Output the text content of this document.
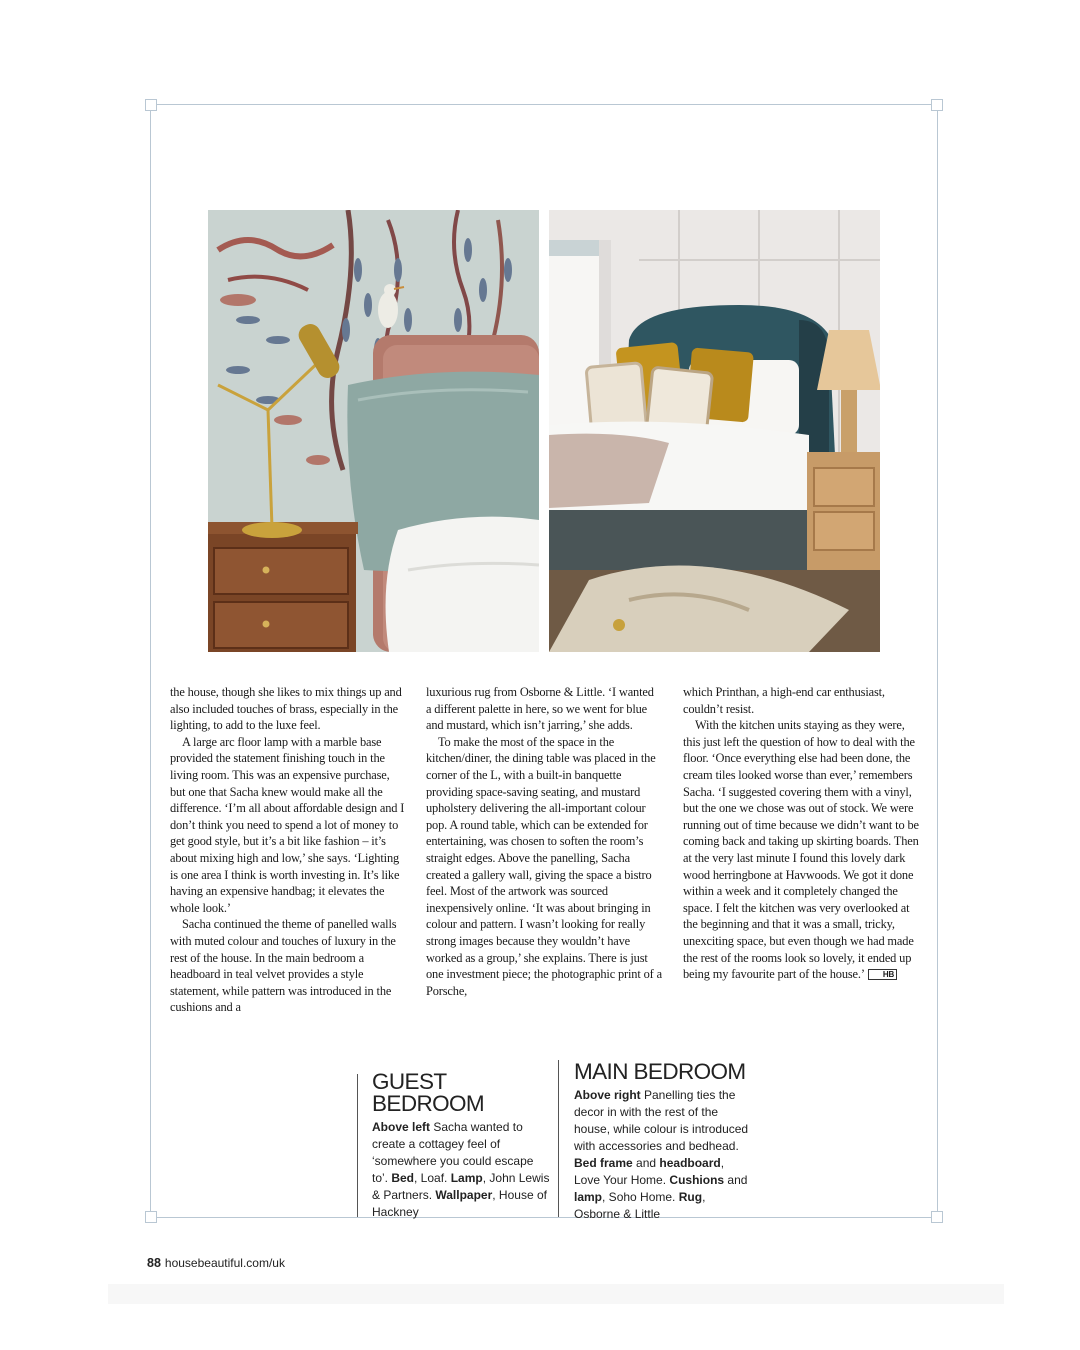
the house, though she likes to mix things up and also included touches of brass, especially in the lighting, to add to the luxe feel.

A large arc floor lamp with a marble base provided the statement finishing touch in the living room. This was an expensive purchase, but one that Sacha knew would make all the difference. ‘I’m all about affordable design and I don’t think you need to spend a lot of money to get good style, but it’s a bit like fashion – it’s about mixing high and low,’ she says. ‘Lighting is one area I think is worth investing in. It’s like having an expensive handbag; it elevates the whole look.’

Sacha continued the theme of panelled walls with muted colour and touches of luxury in the rest of the house. In the main bedroom a headboard in teal velvet provides a style statement, while pattern was introduced in the cushions and a

luxurious rug from Osborne & Little. ‘I wanted a different palette in here, so we went for blue and mustard, which isn’t jarring,’ she adds.

To make the most of the space in the kitchen/diner, the dining table was placed in the corner of the L, with a built-in banquette providing space-saving seating, and mustard upholstery delivering the all-important colour pop. A round table, which can be extended for entertaining, was chosen to soften the room’s straight edges. Above the panelling, Sacha created a gallery wall, giving the space a bistro feel. Most of the artwork was sourced inexpensively online. ‘It was about bringing in colour and pattern. I wasn’t looking for really strong images because they wouldn’t have worked as a group,’ she explains. There is just one investment piece; the photographic print of a Porsche,

which Printhan, a high-end car enthusiast, couldn’t resist.

With the kitchen units staying as they were, this just left the question of how to deal with the floor. ‘Once everything else had been done, the cream tiles looked worse than ever,’ remembers Sacha. ‘I suggested covering them with a vinyl, but the one we chose was out of stock. We were running out of time because we didn’t want to be coming back and taking up skirting boards. Then at the very last minute I found this lovely dark wood herringbone at Havwoods. We got it done within a week and it completely changed the space. I felt the kitchen was very overlooked at the beginning and that it was a small, tricky, unexciting space, but even though we had made the rest of the rooms look so lovely, it ended up being my favourite part of the house.’ HB

GUEST
BEDROOM
Above left Sacha wanted to create a cottagey feel of ‘somewhere you could escape to’. Bed, Loaf. Lamp, John Lewis & Partners. Wallpaper, House of Hackney
MAIN BEDROOM
Above right Panelling ties the decor in with the rest of the house, while colour is introduced with accessories and bedhead. Bed frame and headboard, Love Your Home. Cushions and lamp, Soho Home. Rug, Osborne & Little
88 housebeautiful.com/uk
